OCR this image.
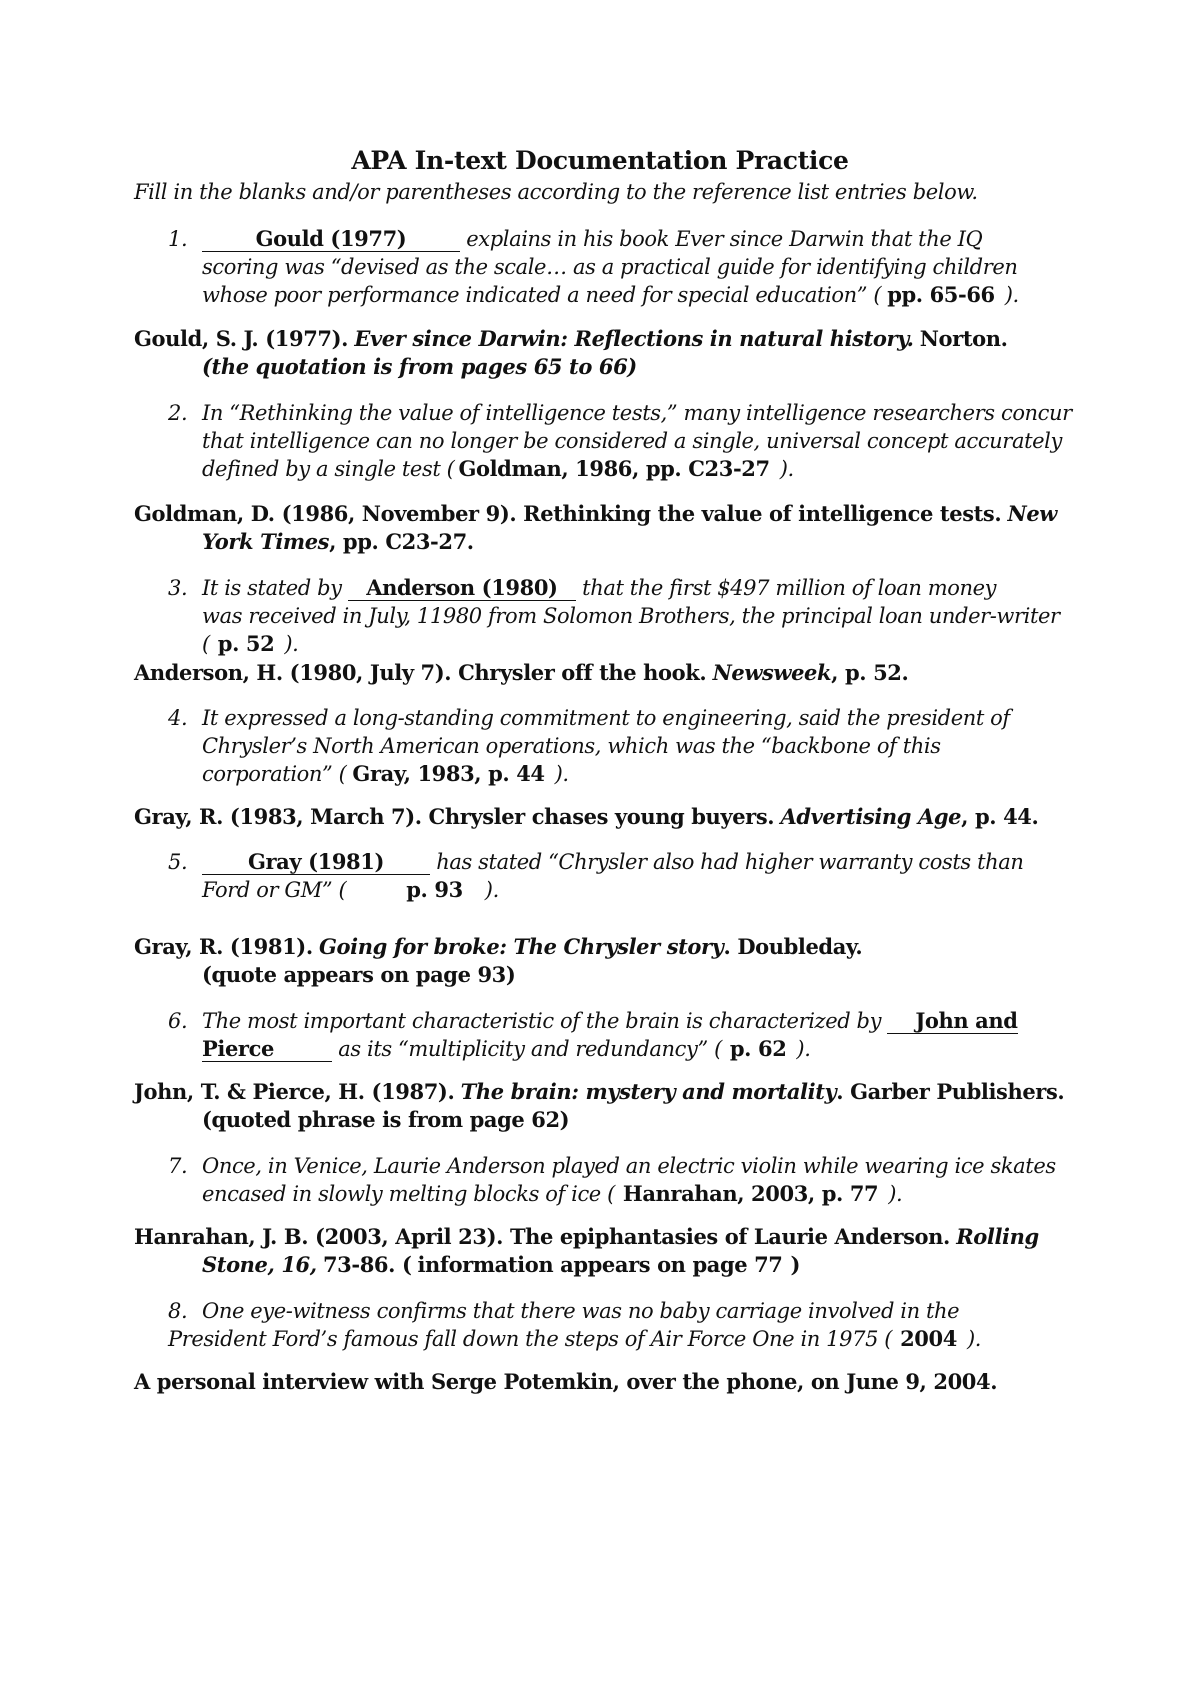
APA In-text Documentation Practice
Fill in the blanks and/or parentheses according to the reference list entries below.
1.	Gould (1977)	explains in his book Ever since Darwin that the IQ
scoring was “devised as the scale… as a practical guide for identifying children
whose poor performance indicated a need for special education” ( pp. 65-66 ).
Gould, S. J. (1977). Ever since Darwin: Reflections in natural history. Norton.
(the quotation is from pages 65 to 66)
2. In “Rethinking the value of intelligence tests,” many intelligence researchers concur
that intelligence can no longer be considered a single, universal concept accurately
defined by a single test ( Goldman, 1986, pp. C23-27 ).
Goldman, D. (1986, November 9). Rethinking the value of intelligence tests. New
York Times, pp. C23-27.
3. It is stated by Anderson (1980) that the first $497 million of loan money
was received in July, 11980 from Solomon Brothers, the principal loan under-writer
( p. 52 ).
Anderson, H. (1980, July 7). Chrysler off the hook. Newsweek, p. 52.
4. It expressed a long-standing commitment to engineering, said the president of
Chrysler’s North American operations, which was the “backbone of this
corporation” ( Gray, 1983, p. 44 ).
Gray, R. (1983, March 7). Chrysler chases young buyers. Advertising Age, p. 44.
5.	Gray (1981) has stated “Chrysler also had higher warranty costs than
Ford or GM” (	p. 93 ).
Gray, R. (1981). Going for broke: The Chrysler story. Doubleday.
(quote appears on page 93)
6. The most important characteristic of the brain is characterized by John and
Pierce	as its “multiplicity and redundancy” ( p. 62 ).
John, T. & Pierce, H. (1987). The brain: mystery and mortality. Garber Publishers.
(quoted phrase is from page 62)
7. Once, in Venice, Laurie Anderson played an electric violin while wearing ice skates
encased in slowly melting blocks of ice ( Hanrahan, 2003, p. 77 ).
Hanrahan, J. B. (2003, April 23). The epiphantasies of Laurie Anderson. Rolling
Stone, 16, 73-86. ( information appears on page 77 )
8. One eye-witness confirms that there was no baby carriage involved in the
President Ford’s famous fall down the steps of Air Force One in 1975 ( 2004 ).
A personal interview with Serge Potemkin, over the phone, on June 9, 2004.
